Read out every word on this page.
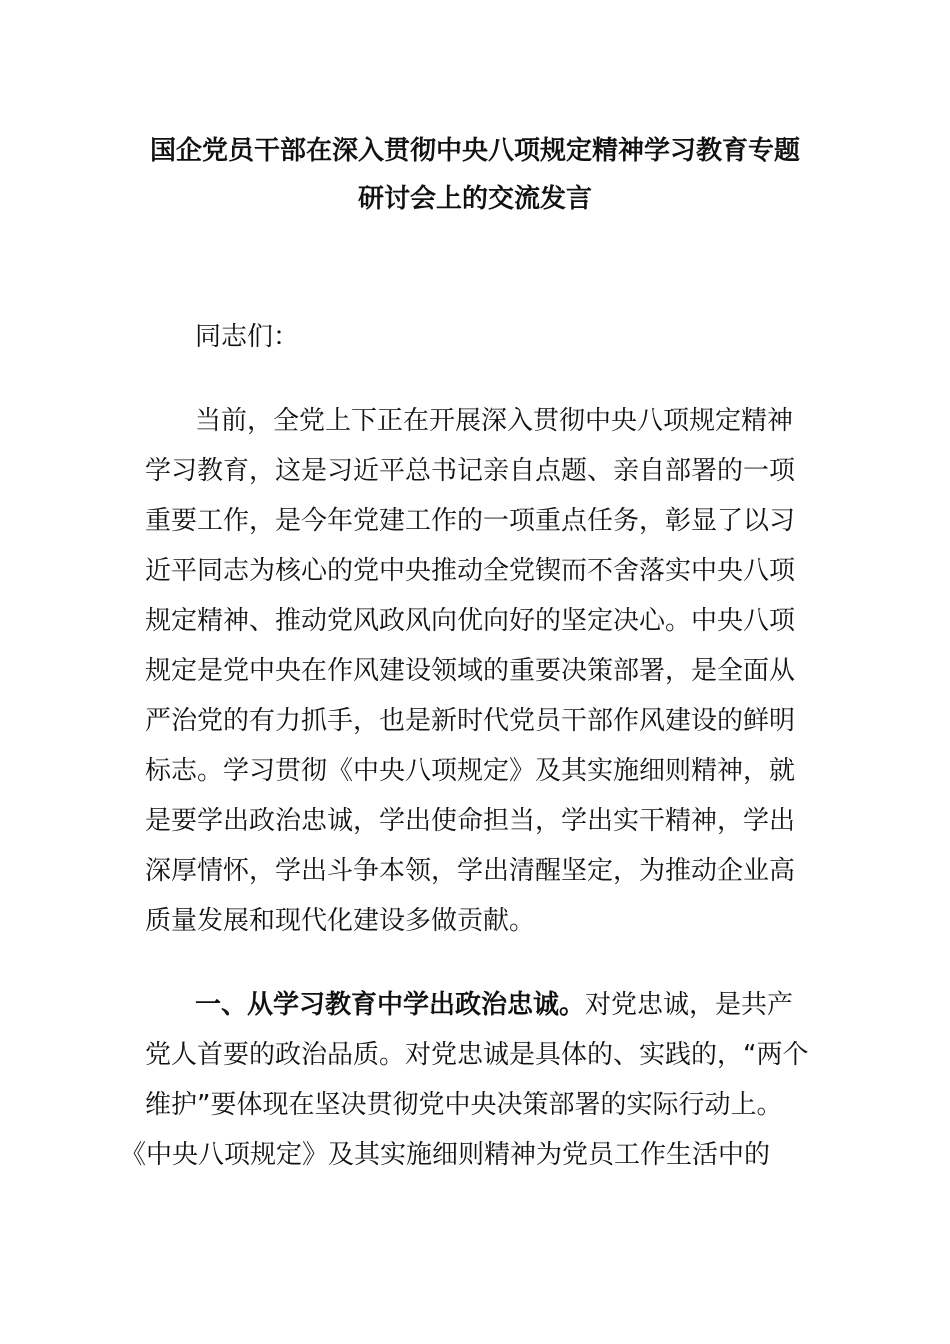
国企党员干部在深入贯彻中央八项规定精神学习教育专题
研讨会上的交流发言
同志们：
当前，全党上下正在开展深入贯彻中央八项规定精神
学习教育，这是习近平总书记亲自点题、亲自部署的一项
重要工作，是今年党建工作的一项重点任务，彰显了以习
近平同志为核心的党中央推动全党锲而不舍落实中央八项
规定精神、推动党风政风向优向好的坚定决心。中央八项
规定是党中央在作风建设领域的重要决策部署，是全面从
严治党的有力抓手，也是新时代党员干部作风建设的鲜明
标志。学习贯彻《中央八项规定》及其实施细则精神，就
是要学出政治忠诚，学出使命担当，学出实干精神，学出
深厚情怀，学出斗争本领，学出清醒坚定，为推动企业高
质量发展和现代化建设多做贡献。
一、从学习教育中学出政治忠诚。对党忠诚，是共产
党人首要的政治品质。对党忠诚是具体的、实践的，“两个
维护”要体现在坚决贯彻党中央决策部署的实际行动上。
《中央八项规定》及其实施细则精神为党员工作生活中的
